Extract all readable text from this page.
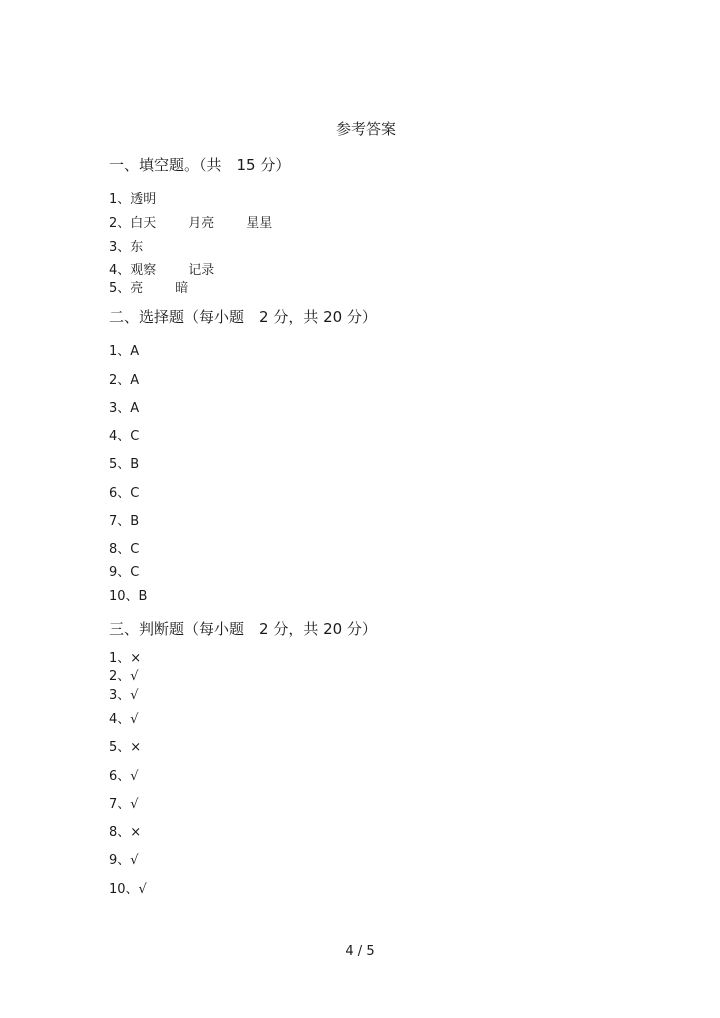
参考答案
一、填空题。（共　15 分）
1、透明
2、白天 月亮 星星
3、东
4、观察 记录
5、亮 暗
二、选择题（每小题　2 分，共 20 分）
1、A
2、A
3、A
4、C
5、B
6、C
7、B
8、C
9、C
10、B
三、判断题（每小题　2 分，共 20 分）
1、×
2、√
3、√
4、√
5、×
6、√
7、√
8、×
9、√
10、√
4 / 5
